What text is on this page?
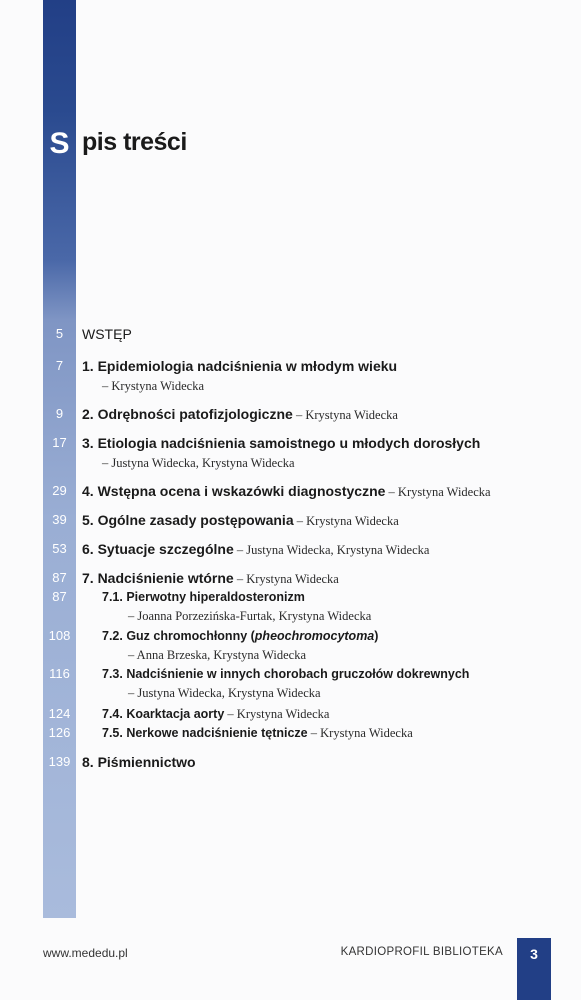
S pis treści
5	WSTĘP
7	1. Epidemiologia nadciśnienia w młodym wieku
– Krystyna Widecka
9	2. Odrębności patofizjologiczne – Krystyna Widecka
17	3. Etiologia nadciśnienia samoistnego u młodych dorosłych
– Justyna Widecka, Krystyna Widecka
29	4. Wstępna ocena i wskazówki diagnostyczne – Krystyna Widecka
39	5. Ogólne zasady postępowania – Krystyna Widecka
53	6. Sytuacje szczególne – Justyna Widecka, Krystyna Widecka
87	7. Nadciśnienie wtórne – Krystyna Widecka
87	7.1. Pierwotny hiperaldosteronizm
– Joanna Porzezińska-Furtak, Krystyna Widecka
108	7.2. Guz chromochłonny (pheochromocytoma)
– Anna Brzeska, Krystyna Widecka
116	7.3. Nadciśnienie w innych chorobach gruczołów dokrewnych
– Justyna Widecka, Krystyna Widecka
124	7.4. Koarktacja aorty – Krystyna Widecka
126	7.5. Nerkowe nadciśnienie tętnicze – Krystyna Widecka
139 8. Piśmiennictwo
www.mededu.pl	KARDIOPROFIL BIBLIOTEKA	3
